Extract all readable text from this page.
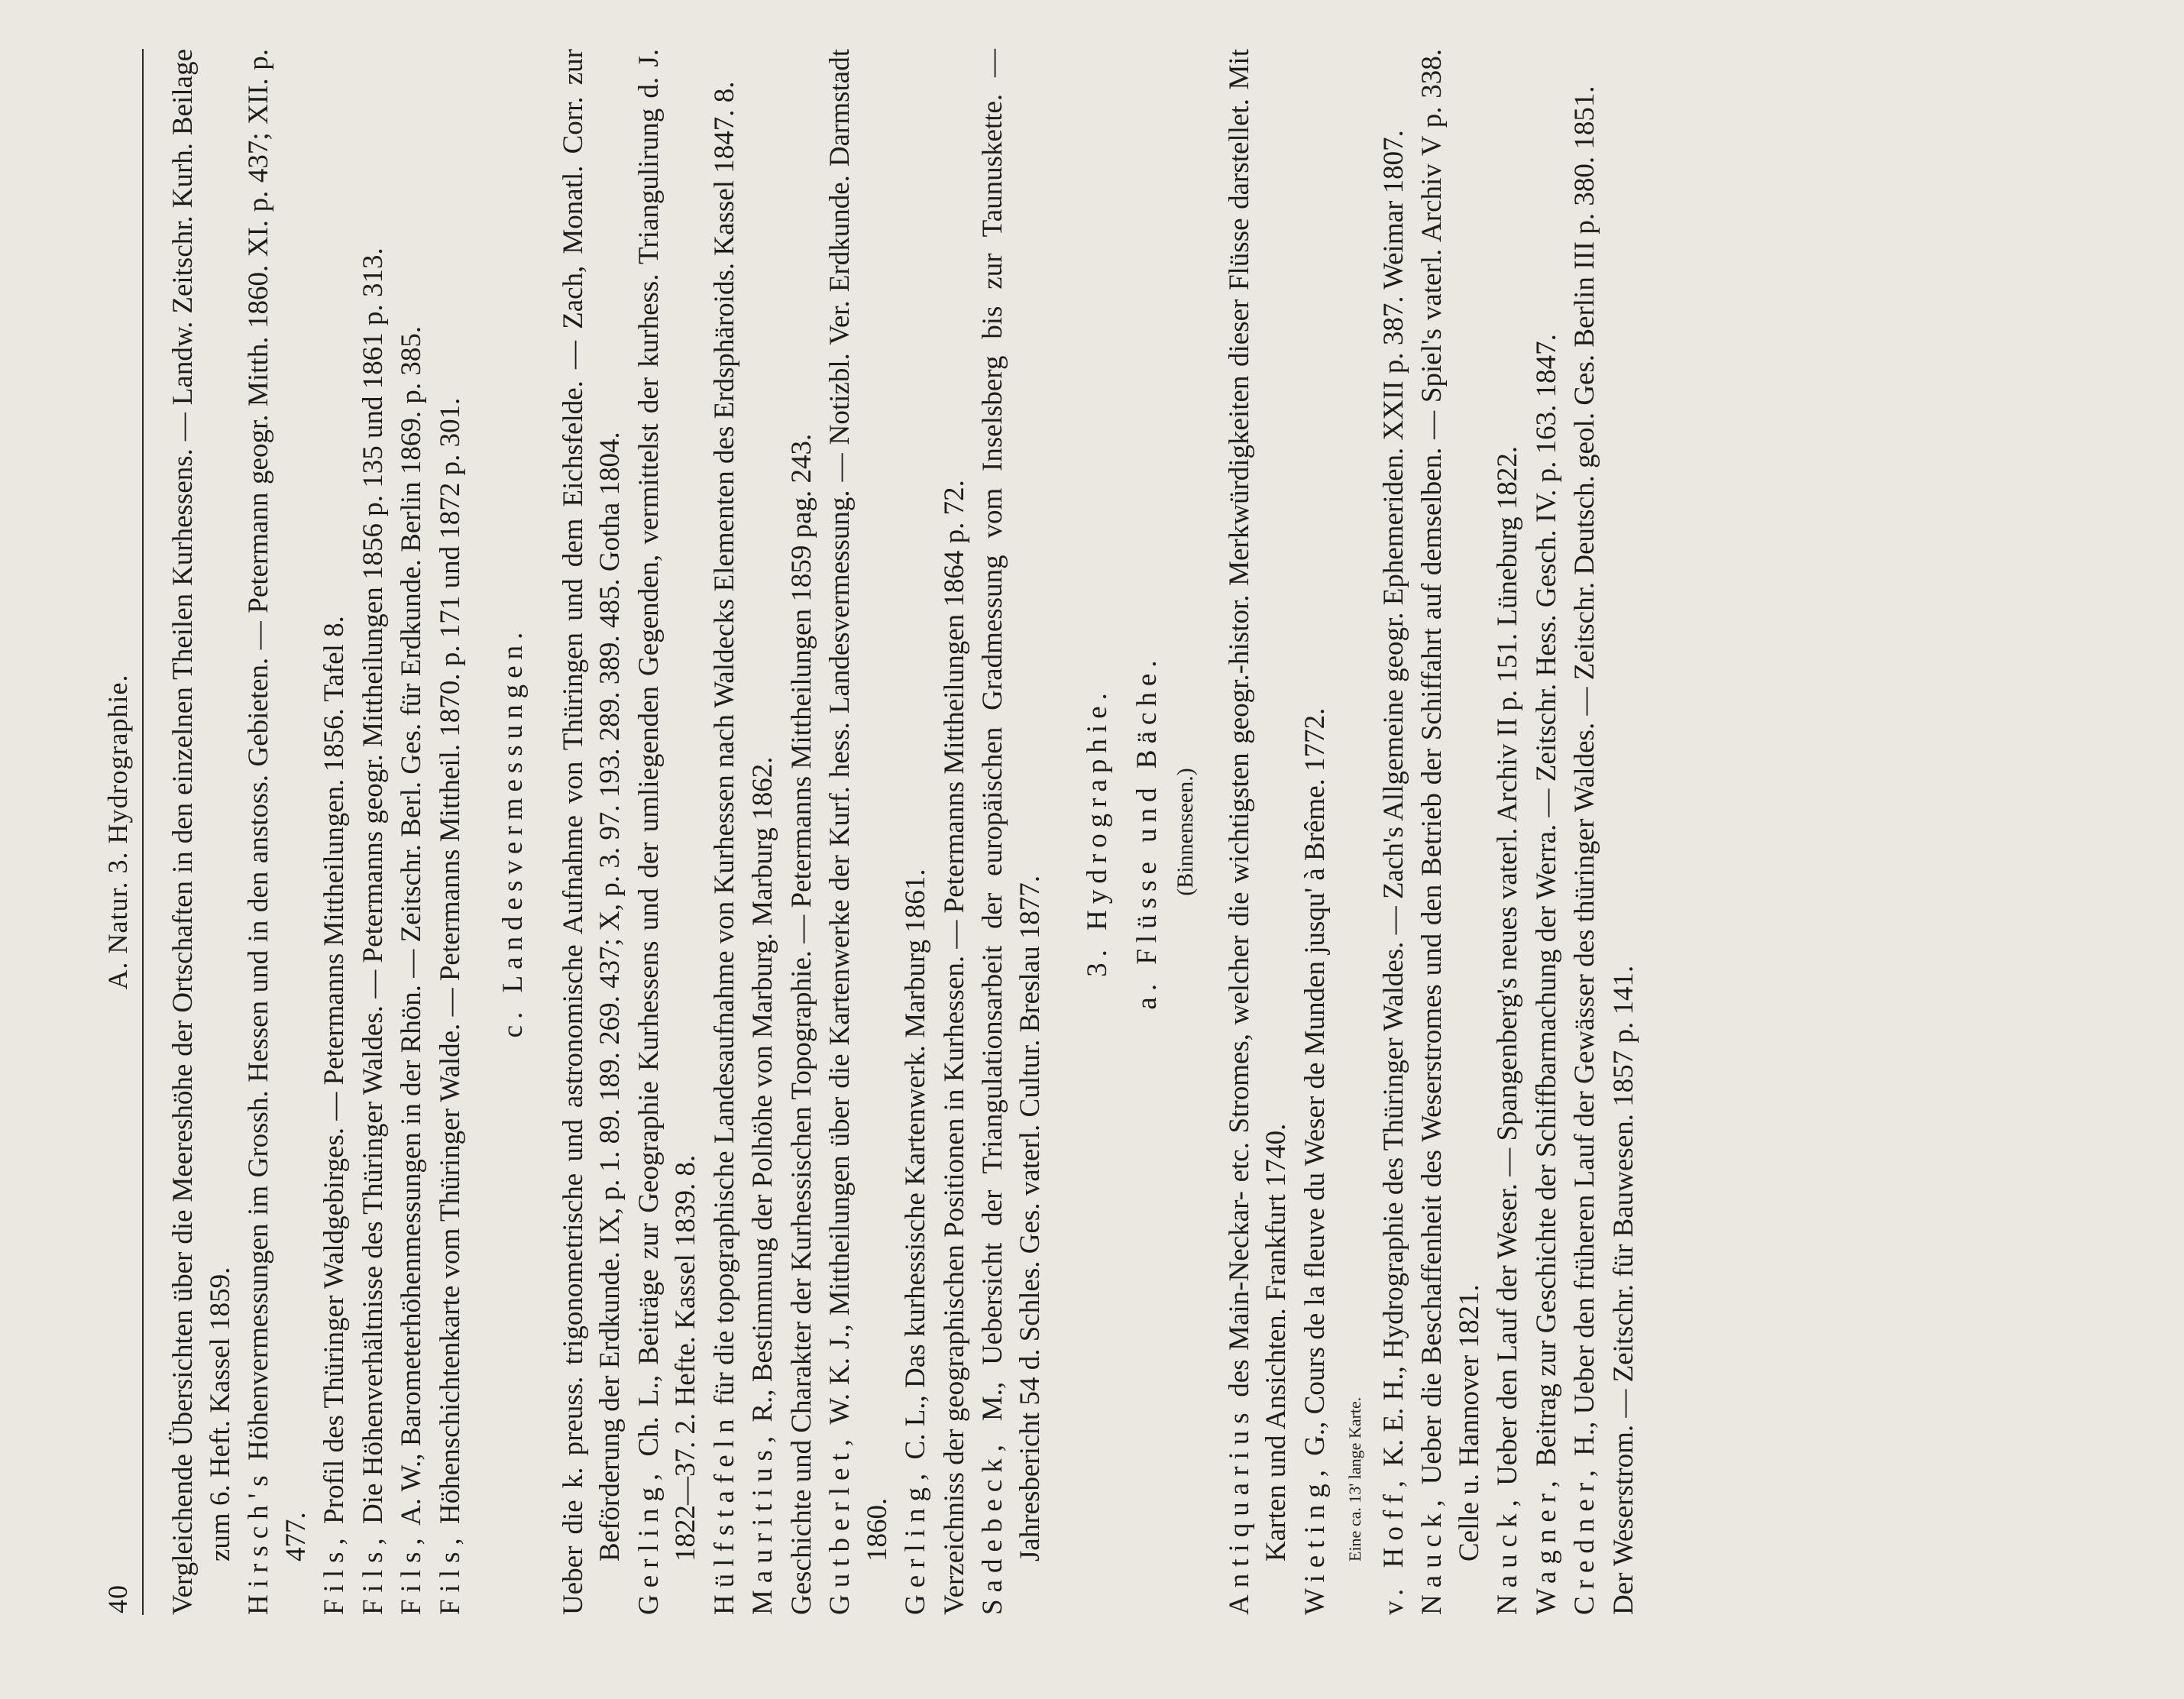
40
A. Natur. 3. Hydrographie. Vergleichende Übersichten über die Meereshöhe der Ortschaften in den einzelnen Theilen Kurhessens. — Landw. Zeitschr. Kurh. Beilage zum 6. Heft. Kassel 1859. Hirsch's Höhenvermessungen im Grossh. Hessen und in den anstoss. Gebieten. — Petermann geogr. Mitth. 1860. XI. p. 437; XII. p. 477. Fils, Profil des Thüringer Waldgebirges. — Petermanns Mittheilungen. 1856. Tafel 8.

Fils, Die Höhenverhältnisse des Thüringer Waldes. — Petermanns geogr. Mittheilungen 1856 p. 135 und 1861 p. 313.

Fils, A. W., Barometerhöhenmessungen in der Rhön. — Zeitschr. Berl. Ges. für Erdkunde. Berlin 1869. p. 385.

Fils, Höhenschichtenkarte vom Thüringer Walde. — Petermanns Mittheil. 1870. p. 171 und 1872 p. 301. c. Landesvermessungen. Ueber die k. preuss. trigonometrische und astronomische Aufnahme von Thüringen und dem Eichsfelde. — Zach, Monatl. Corr. zur Beförderung der Erdkunde. IX, p. 1. 89. 189. 269. 437; X, p. 3. 97. 193. 289. 389. 485. Gotha 1804. Gerling, Ch. L., Beiträge zur Geographie Kurhessens und der umliegenden Gegenden, vermittelst der kurhess. Triangulirung d. J. 1822—37. 2. Hefte. Kassel 1839. 8. Hülfstafeln für die topographische Landesaufnahme von Kurhessen nach Waldecks Elementen des Erdsphäroids. Kassel 1847. 8.

Mauritius, R., Bestimmung der Polhöhe von Marburg. Marburg 1862. Geschichte und Charakter der Kurhessischen Topographie. — Petermanns Mittheilungen 1859 pag. 243. Gutberlet, W. K. J., Mittheilungen über die Kartenwerke der Kurf. hess. Landesvermessung. — Notizbl. Ver. Erdkunde. Darmstadt 1860. Gerling, C. L., Das kurhessische Kartenwerk. Marburg 1861. Verzeichniss der geographischen Positionen in Kurhessen. — Petermanns Mittheilungen 1864 p. 72. Sadebeck, M., Uebersicht der Triangulationsarbeit der europäischen Gradmessung vom Inselsberg bis zur Taunuskette. — Jahresbericht 54 d. Schles. Ges. vaterl. Cultur. Breslau 1877.

3. Hydrographie. a. Flüsse und Bäche. (Binnenseen.)

Antiquarius des Main-Neckar- etc. Stromes, welcher die wichtigsten geogr.-histor. Merkwürdigkeiten dieser Flüsse darstellet. Mit Karten und Ansichten. Frankfurt 1740. Wieting, G., Cours de la fleuve du Weser de Munden jusqu' à Brême. 1772.
Eine ca. 13' lange Karte. v. Hoff, K. E. H., Hydrographie des Thüringer Waldes. — Zach's Allgemeine geogr. Ephemeriden. XXII p. 387. Weimar 1807.

Nauck, Ueber die Beschaffenheit des Weserstromes und den Betrieb der Schiffahrt auf demselben. — Spiel's vaterl. Archiv V p. 338. Celle u. Hannover 1821. Nauck, Ueber den Lauf der Weser. — Spangenberg's neues vaterl. Archiv II p. 151. Lüneburg 1822.

Wagner, Beitrag zur Geschichte der Schiffbarmachung der Werra. — Zeitschr. Hess. Gesch. IV. p. 163. 1847.

Credner, H., Ueber den früheren Lauf der Gewässer des thüringer Waldes. — Zeitschr. Deutsch. geol. Ges. Berlin III p. 380. 1851. Der Weserstrom. — Zeitschr. für Bauwesen. 1857 p. 141.
